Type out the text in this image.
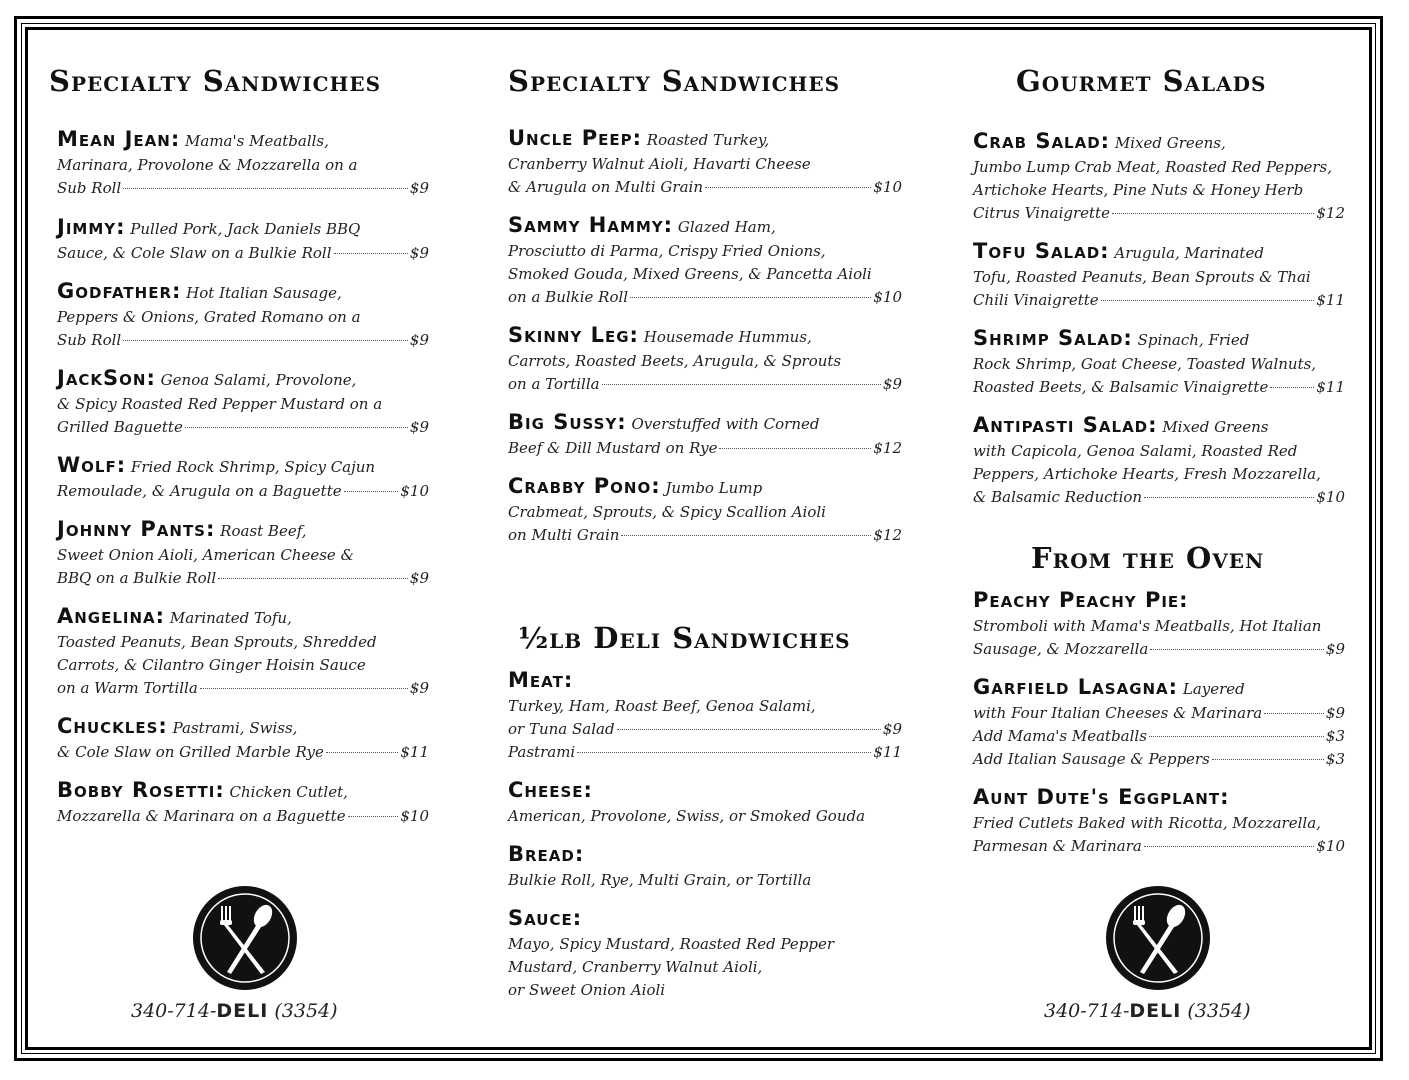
Specialty Sandwiches
Mean Jean: Mama's Meatballs,
Marinara, Provolone & Mozzarella on a
Sub Roll	$9
Jimmy: Pulled Pork, Jack Daniels BBQ
Sauce, & Cole Slaw on a Bulkie Roll	$9
Godfather: Hot Italian Sausage,
Peppers & Onions, Grated Romano on a
Sub Roll	$9
JackSon: Genoa Salami, Provolone,
& Spicy Roasted Red Pepper Mustard on a
Grilled Baguette	$9
Wolf: Fried Rock Shrimp, Spicy Cajun
Remoulade, & Arugula on a Baguette	$10
Johnny Pants: Roast Beef,
Sweet Onion Aioli, American Cheese &
BBQ on a Bulkie Roll	$9
Angelina: Marinated Tofu,
Toasted Peanuts, Bean Sprouts, Shredded
Carrots, & Cilantro Ginger Hoisin Sauce
on a Warm Tortilla	$9
Chuckles: Pastrami, Swiss,
& Cole Slaw on Grilled Marble Rye	$11
Bobby Rosetti: Chicken Cutlet,
Mozzarella & Marinara on a Baguette	$10
Specialty Sandwiches
½lb Deli Sandwiches
Uncle Peep: Roasted Turkey,
Cranberry Walnut Aioli, Havarti Cheese
& Arugula on Multi Grain	$10
Sammy Hammy: Glazed Ham,
Prosciutto di Parma, Crispy Fried Onions,
Smoked Gouda, Mixed Greens, & Pancetta Aioli
on a Bulkie Roll	$10
Skinny Leg: Housemade Hummus,
Carrots, Roasted Beets, Arugula, & Sprouts
on a Tortilla	$9
Big Sussy: Overstuffed with Corned
Beef & Dill Mustard on Rye	$12
Crabby Pono: Jumbo Lump
Crabmeat, Sprouts, & Spicy Scallion Aioli
on Multi Grain	$12
Meat:
Turkey, Ham, Roast Beef, Genoa Salami,
or Tuna Salad	$9
Pastrami	$11
Cheese:
American, Provolone, Swiss, or Smoked Gouda
Bread:
Bulkie Roll, Rye, Multi Grain, or Tortilla
Sauce:
Mayo, Spicy Mustard, Roasted Red Pepper
Mustard, Cranberry Walnut Aioli,
or Sweet Onion Aioli
Gourmet Salads
From the Oven
Crab Salad: Mixed Greens,
Jumbo Lump Crab Meat, Roasted Red Peppers,
Artichoke Hearts, Pine Nuts & Honey Herb
Citrus Vinaigrette	$12
Tofu Salad: Arugula, Marinated
Tofu, Roasted Peanuts, Bean Sprouts & Thai
Chili Vinaigrette	$11
Shrimp Salad: Spinach, Fried
Rock Shrimp, Goat Cheese, Toasted Walnuts,
Roasted Beets, & Balsamic Vinaigrette	$11
Antipasti Salad: Mixed Greens
with Capicola, Genoa Salami, Roasted Red
Peppers, Artichoke Hearts, Fresh Mozzarella,
& Balsamic Reduction	$10
Peachy Peachy Pie:
Stromboli with Mama's Meatballs, Hot Italian
Sausage, & Mozzarella	$9
Garfield Lasagna: Layered
with Four Italian Cheeses & Marinara	$9
Add Mama's Meatballs	$3
Add Italian Sausage & Peppers	$3
Aunt Dute's Eggplant:
Fried Cutlets Baked with Ricotta, Mozzarella,
Parmesan & Marinara	$10
340-714-DELI (3354)	340-714-DELI (3354)
